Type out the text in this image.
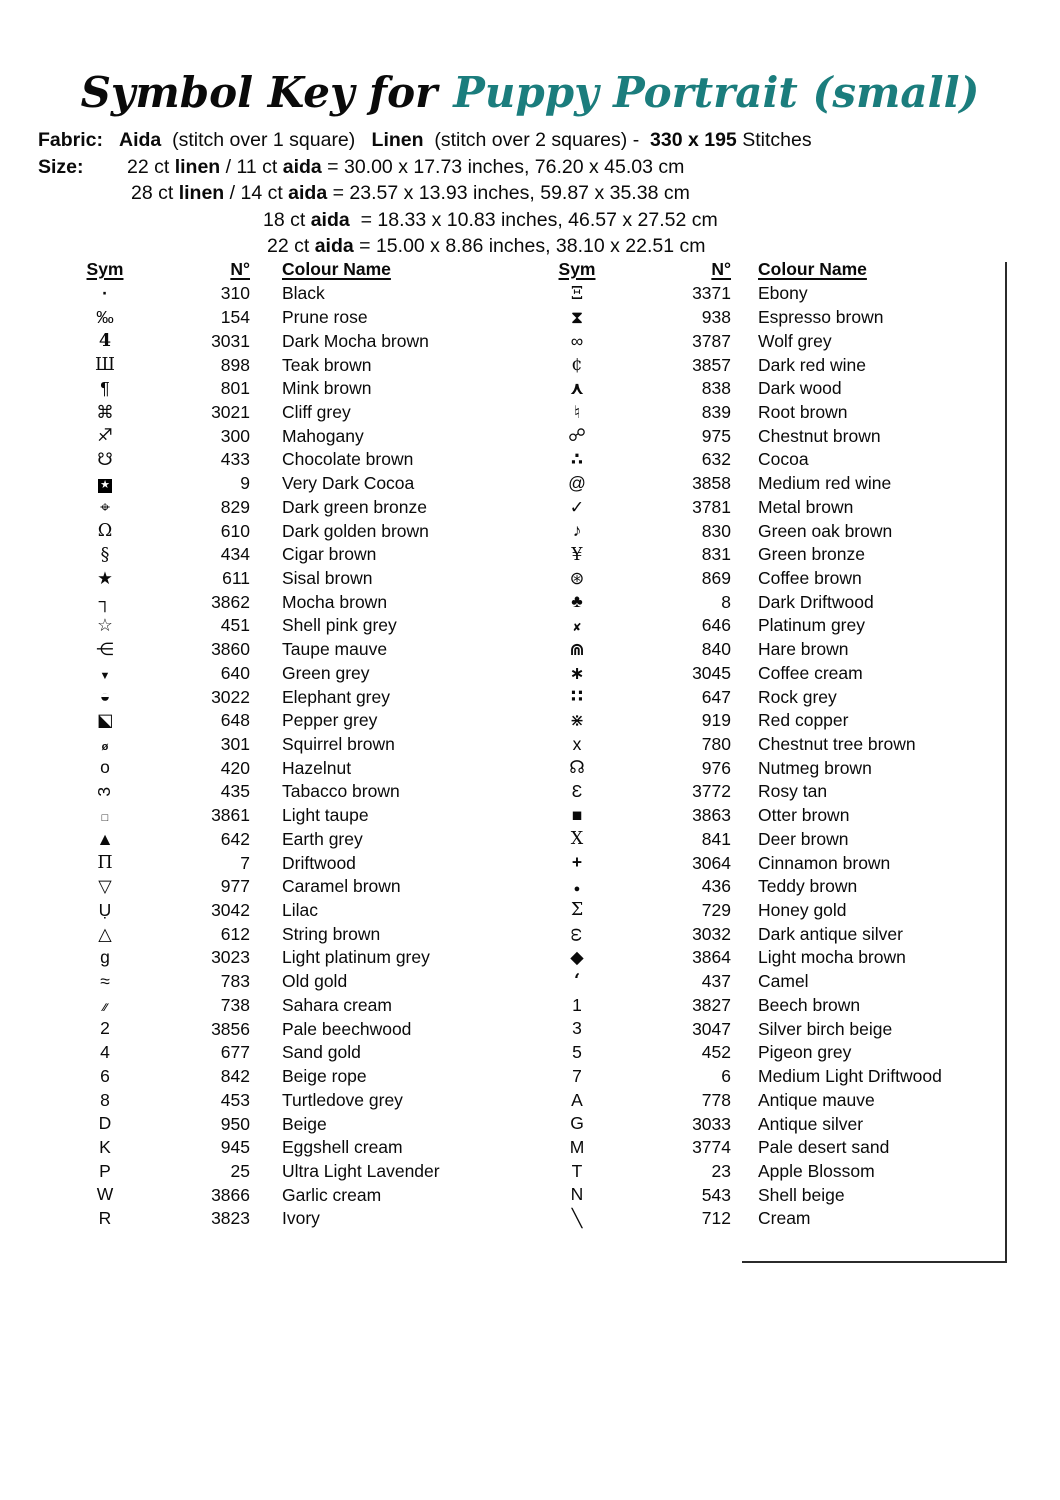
Symbol Key for Puppy Portrait (small)
Fabric: Aida  (stitch over 1 square)   Linen  (stitch over 2 squares) -  330 x 195 Stitches
Size: 22 ct linen / 11 ct aida = 30.00 x 17.73 inches, 76.20 x 45.03 cm
28 ct linen / 14 ct aida = 23.57 x 13.93 inches, 59.87 x 35.38 cm
18 ct aida  = 18.33 x 10.83 inches, 46.57 x 27.52 cm
22 ct aida = 15.00 x 8.86 inches, 38.10 x 22.51 cm
Sym	N°	Colour Name
·	310	Black
‰	154	Prune rose
4	3031	Dark Mocha brown
Ш	898	Teak brown
¶	801	Mink brown
⌘	3021	Cliff grey
♐	300	Mahogany
☋	433	Chocolate brown
★	9	Very Dark Cocoa
⌖	829	Dark green bronze
Ω	610	Dark golden brown
§	434	Cigar brown
★	611	Sisal brown
┐	3862	Mocha brown
☆	451	Shell pink grey
⋲	3860	Taupe mauve
▼	640	Green grey
◒	3022	Elephant grey
◪	648	Pepper grey
ø	301	Squirrel brown
o	420	Hazelnut
3	435	Tabacco brown
□	3861	Light taupe
▲	642	Earth grey
Π	7	Driftwood
▽	977	Caramel brown
Ụ	3042	Lilac
△	612	String brown
g	3023	Light platinum grey
≈	783	Old gold
∕∕	738	Sahara cream
2	3856	Pale beechwood
4	677	Sand gold
6	842	Beige rope
8	453	Turtledove grey
D	950	Beige
K	945	Eggshell cream
P	25	Ultra Light Lavender
W	3866	Garlic cream
R	3823	Ivory
Sym	N°	Colour Name
Ξ	3371	Ebony
⧗	938	Espresso brown
∞	3787	Wolf grey
¢	3857	Dark red wine
⋏	838	Dark wood
♮	839	Root brown
☍	975	Chestnut brown
∴	632	Cocoa
@	3858	Medium red wine
✓	3781	Metal brown
♪	830	Green oak brown
¥	831	Green bronze
⊛	869	Coffee brown
♣	8	Dark Driftwood
✘	646	Platinum grey
⋒	840	Hare brown
∗	3045	Coffee cream
∷	647	Rock grey
⋇	919	Red copper
x	780	Chestnut tree brown
☊	976	Nutmeg brown
Ɛ	3772	Rosy tan
■	3863	Otter brown
Χ	841	Deer brown
+	3064	Cinnamon brown
●	436	Teddy brown
Σ	729	Honey gold
ω	3032	Dark antique silver
◆	3864	Light mocha brown
‘	437	Camel
1	3827	Beech brown
3	3047	Silver birch beige
5	452	Pigeon grey
7	6	Medium Light Driftwood
A	778	Antique mauve
G	3033	Antique silver
M	3774	Pale desert sand
T	23	Apple Blossom
N	543	Shell beige
╲	712	Cream
